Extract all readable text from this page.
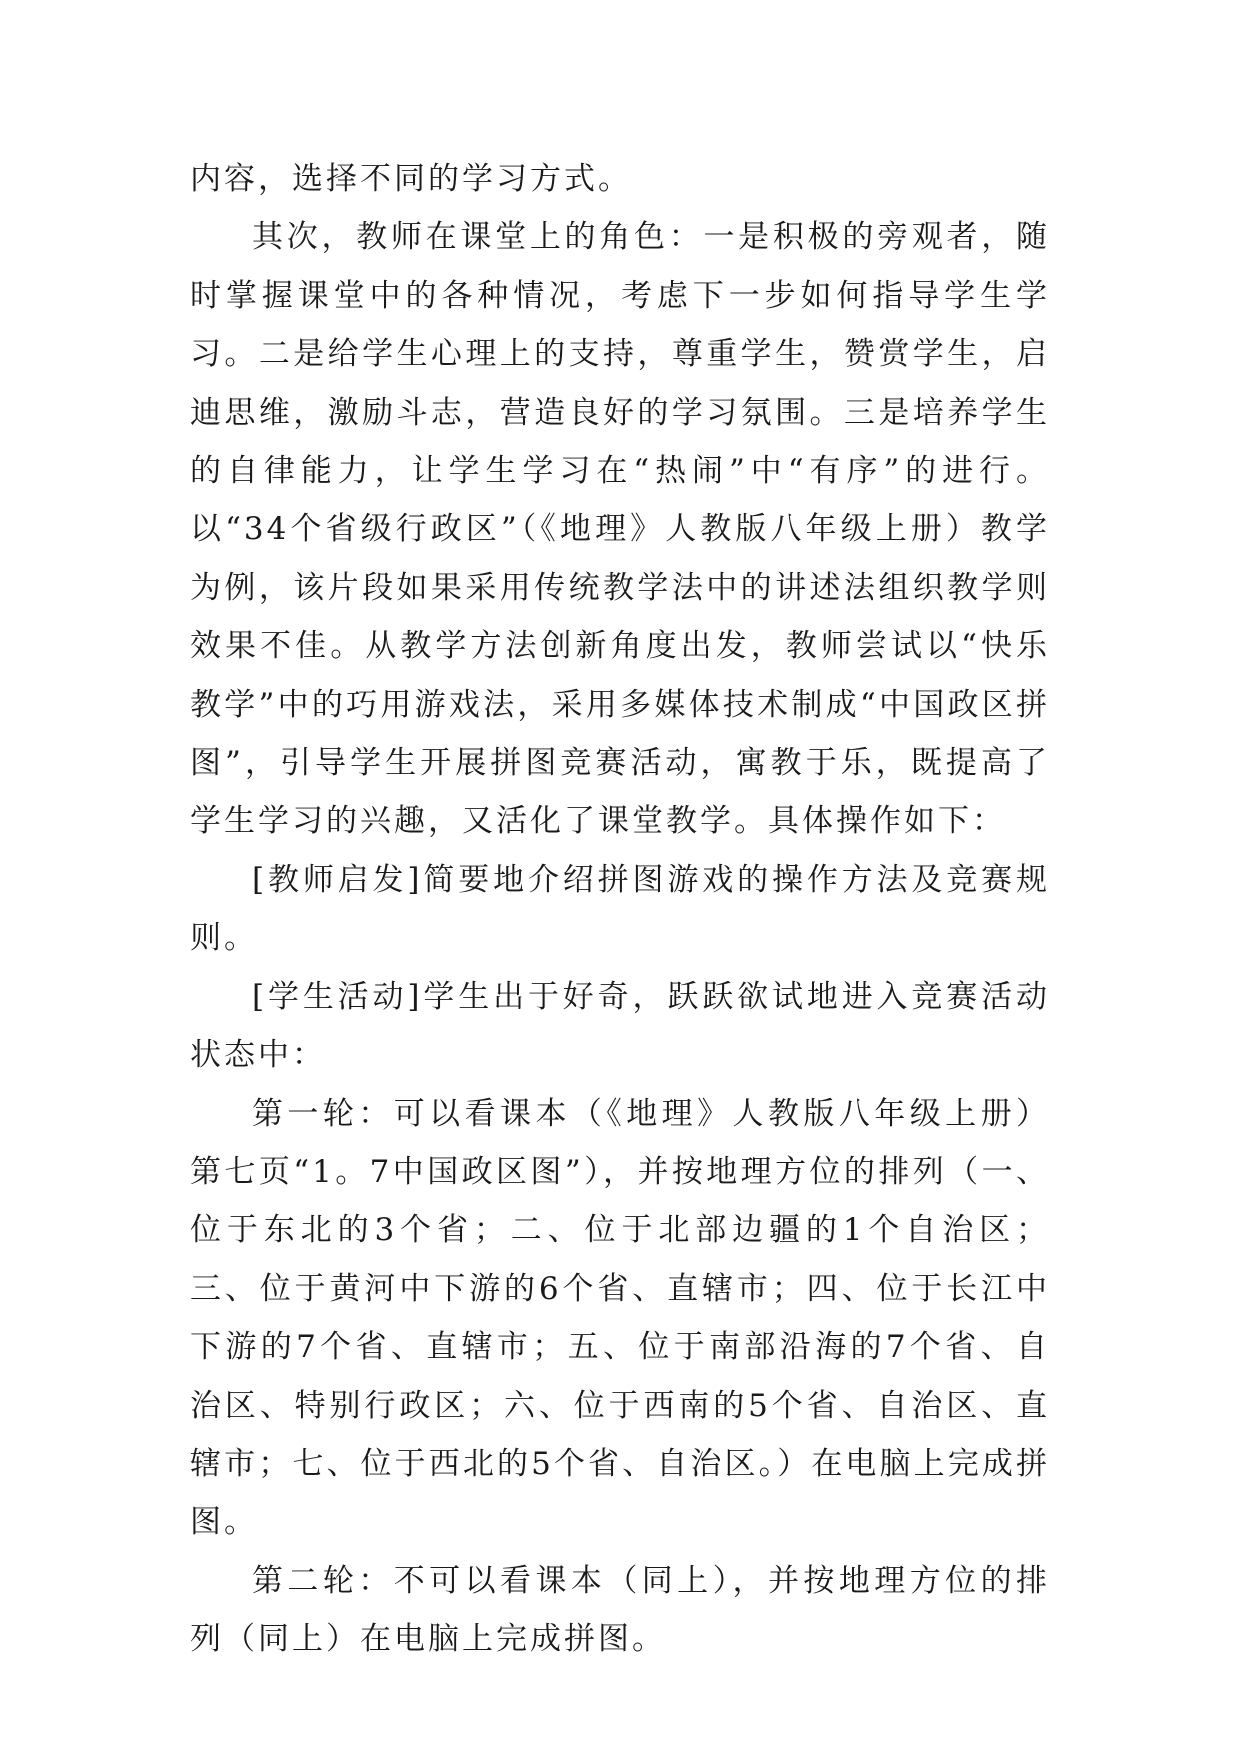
内容，选择不同的学习方式。

其次，教师在课堂上的角色：一是积极的旁观者，随时掌握课堂中的各种情况，考虑下一步如何指导学生学习。二是给学生心理上的支持，尊重学生，赞赏学生，启迪思维，激励斗志，营造良好的学习氛围。三是培养学生的自律能力，让学生学习在“热闹”中“有序”的进行。以“34个省级行政区”（《地理》人教版八年级上册）教学为例，该片段如果采用传统教学法中的讲述法组织教学则效果不佳。从教学方法创新角度出发，教师尝试以“快乐教学”中的巧用游戏法，采用多媒体技术制成“中国政区拼图”，引导学生开展拼图竞赛活动，寓教于乐，既提高了学生学习的兴趣，又活化了课堂教学。具体操作如下：

[教师启发]简要地介绍拼图游戏的操作方法及竞赛规则。

[学生活动]学生出于好奇，跃跃欲试地进入竞赛活动状态中：

第一轮：可以看课本（《地理》人教版八年级上册）第七页“1。7中国政区图”），并按地理方位的排列（一、位于东北的3个省；二、位于北部边疆的1个自治区；三、位于黄河中下游的6个省、直辖市；四、位于长江中下游的7个省、直辖市；五、位于南部沿海的7个省、自治区、特别行政区；六、位于西南的5个省、自治区、直辖市；七、位于西北的5个省、自治区。）在电脑上完成拼图。

第二轮：不可以看课本（同上），并按地理方位的排列（同上）在电脑上完成拼图。
